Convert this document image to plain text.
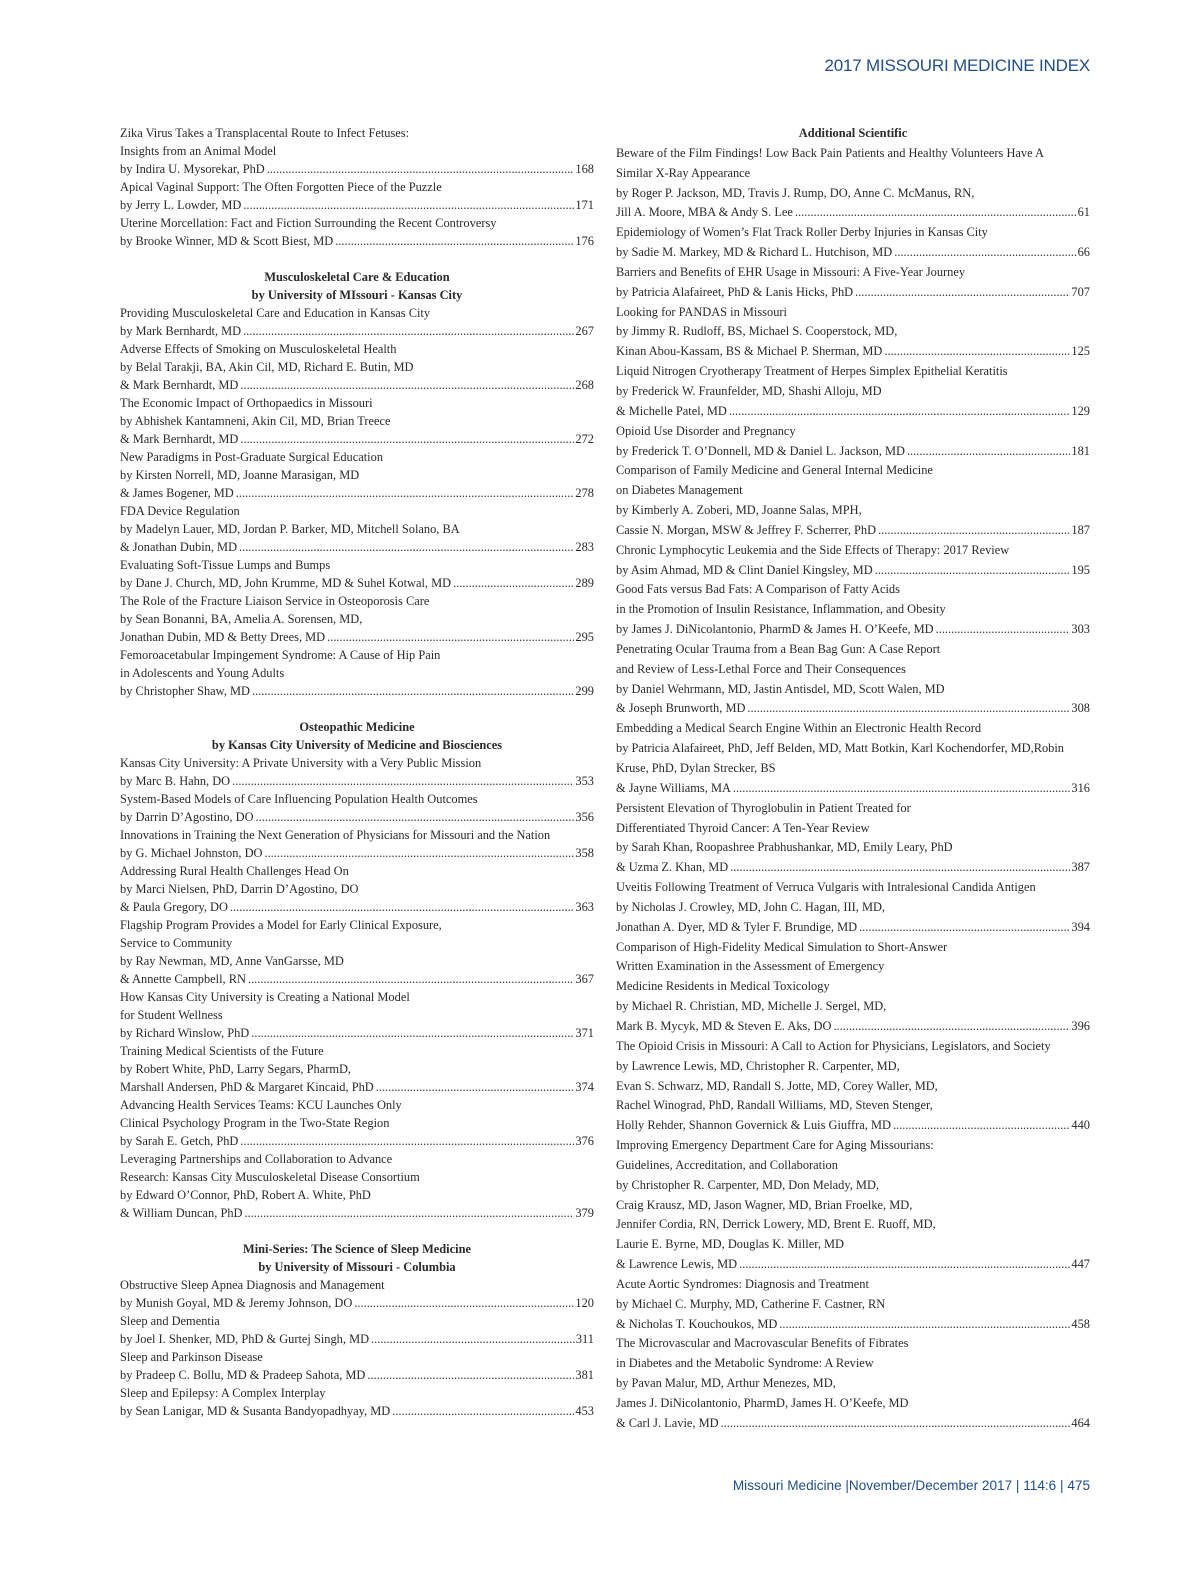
2017 MISSOURI MEDICINE INDEX
Zika Virus Takes a Transplacental Route to Infect Fetuses:
Insights from an Animal Model
by Indira U. Mysorekar, PhD .....	168
Apical Vaginal Support: The Often Forgotten Piece of the Puzzle
by Jerry L. Lowder, MD .....	171
Uterine Morcellation: Fact and Fiction Surrounding the Recent Controversy
by Brooke Winner, MD & Scott Biest, MD .....	176
Musculoskeletal Care & Education
by University of MIssouri - Kansas City
Providing Musculoskeletal Care and Education in Kansas City
by Mark Bernhardt, MD .....	267
Adverse Effects of Smoking on Musculoskeletal Health
by Belal Tarakji, BA, Akin Cil, MD, Richard E. Butin, MD
& Mark Bernhardt, MD .....	268
The Economic Impact of Orthopaedics in Missouri
by Abhishek Kantamneni, Akin Cil, MD, Brian Treece
& Mark Bernhardt, MD .....	272
New Paradigms in Post-Graduate Surgical Education
by Kirsten Norrell, MD, Joanne Marasigan, MD
& James Bogener, MD .....	278
FDA Device Regulation
by Madelyn Lauer, MD, Jordan P. Barker, MD, Mitchell Solano, BA
& Jonathan Dubin, MD .....	283
Evaluating Soft-Tissue Lumps and Bumps
by Dane J. Church, MD, John Krumme, MD & Suhel Kotwal, MD .....	289
The Role of the Fracture Liaison Service in Osteoporosis Care
by Sean Bonanni, BA, Amelia A. Sorensen, MD,
Jonathan Dubin, MD & Betty Drees, MD .....	295
Femoroacetabular Impingement Syndrome: A Cause of Hip Pain
in Adolescents and Young Adults
by Christopher Shaw, MD .....	299
Osteopathic Medicine
by Kansas City University of Medicine and Biosciences
Kansas City University: A Private University with a Very Public Mission
by Marc B. Hahn, DO .....	353
System-Based Models of Care Influencing Population Health Outcomes
by Darrin D’Agostino, DO .....	356
Innovations in Training the Next Generation of Physicians for Missouri and the Nation
by G. Michael Johnston, DO .....	358
Addressing Rural Health Challenges Head On
by Marci Nielsen, PhD, Darrin D’Agostino, DO
& Paula Gregory, DO .....	363
Flagship Program Provides a Model for Early Clinical Exposure,
Service to Community
by Ray Newman, MD, Anne VanGarsse, MD
& Annette Campbell, RN .....	367
How Kansas City University is Creating a National Model
for Student Wellness
by Richard Winslow, PhD .....	371
Training Medical Scientists of the Future
by Robert White, PhD, Larry Segars, PharmD,
Marshall Andersen, PhD & Margaret Kincaid, PhD .....	374
Advancing Health Services Teams: KCU Launches Only
Clinical Psychology Program in the Two-State Region
by Sarah E. Getch, PhD .....	376
Leveraging Partnerships and Collaboration to Advance
Research: Kansas City Musculoskeletal Disease Consortium
by Edward O’Connor, PhD, Robert A. White, PhD
& William Duncan, PhD .....	379
Mini-Series: The Science of Sleep Medicine
by University of Missouri - Columbia
Obstructive Sleep Apnea Diagnosis and Management
by Munish Goyal, MD & Jeremy Johnson, DO .....	120
Sleep and Dementia
by Joel I. Shenker, MD, PhD & Gurtej Singh, MD .....	311
Sleep and Parkinson Disease
by Pradeep C. Bollu, MD & Pradeep Sahota, MD .....	381
Sleep and Epilepsy: A Complex Interplay
by Sean Lanigar, MD & Susanta Bandyopadhyay, MD .....	453
Additional Scientific
Beware of the Film Findings! Low Back Pain Patients and Healthy Volunteers Have A
Similar X-Ray Appearance
by Roger P. Jackson, MD, Travis J. Rump, DO, Anne C. McManus, RN,
Jill A. Moore, MBA & Andy S. Lee .....	61
Epidemiology of Women’s Flat Track Roller Derby Injuries in Kansas City
by Sadie M. Markey, MD & Richard L. Hutchison, MD .....	66
Barriers and Benefits of EHR Usage in Missouri: A Five-Year Journey
by Patricia Alafaireet, PhD & Lanis Hicks, PhD .....	707
Looking for PANDAS in Missouri
by Jimmy R. Rudloff, BS, Michael S. Cooperstock, MD,
Kinan Abou-Kassam, BS & Michael P. Sherman, MD .....	125
Liquid Nitrogen Cryotherapy Treatment of Herpes Simplex Epithelial Keratitis
by Frederick W. Fraunfelder, MD, Shashi Alloju, MD
& Michelle Patel, MD .....	129
Opioid Use Disorder and Pregnancy
by Frederick T. O’Donnell, MD & Daniel L. Jackson, MD .....	181
Comparison of Family Medicine and General Internal Medicine
on Diabetes Management
by Kimberly A. Zoberi, MD, Joanne Salas, MPH,
Cassie N. Morgan, MSW & Jeffrey F. Scherrer, PhD .....	187
Chronic Lymphocytic Leukemia and the Side Effects of Therapy: 2017 Review
by Asim Ahmad, MD & Clint Daniel Kingsley, MD .....	195
Good Fats versus Bad Fats: A Comparison of Fatty Acids
in the Promotion of Insulin Resistance, Inflammation, and Obesity
by James J. DiNicolantonio, PharmD & James H. O’Keefe, MD .....	303
Penetrating Ocular Trauma from a Bean Bag Gun: A Case Report
and Review of Less-Lethal Force and Their Consequences
by Daniel Wehrmann, MD, Jastin Antisdel, MD, Scott Walen, MD
& Joseph Brunworth, MD .....	308
Embedding a Medical Search Engine Within an Electronic Health Record
by Patricia Alafaireet, PhD, Jeff Belden, MD, Matt Botkin, Karl Kochendorfer, MD,Robin
Kruse, PhD, Dylan Strecker, BS
& Jayne Williams, MA .....	316
Persistent Elevation of Thyroglobulin in Patient Treated for
Differentiated Thyroid Cancer: A Ten-Year Review
by Sarah Khan, Roopashree Prabhushankar, MD, Emily Leary, PhD
& Uzma Z. Khan, MD .....	387
Uveitis Following Treatment of Verruca Vulgaris with Intralesional Candida Antigen
by Nicholas J. Crowley, MD, John C. Hagan, III, MD,
Jonathan A. Dyer, MD & Tyler F. Brundige, MD .....	394
Comparison of High-Fidelity Medical Simulation to Short-Answer
Written Examination in the Assessment of Emergency
Medicine Residents in Medical Toxicology
by Michael R. Christian, MD, Michelle J. Sergel, MD,
Mark B. Mycyk, MD & Steven E. Aks, DO .....	396
The Opioid Crisis in Missouri: A Call to Action for Physicians, Legislators, and Society
by Lawrence Lewis, MD, Christopher R. Carpenter, MD,
Evan S. Schwarz, MD, Randall S. Jotte, MD, Corey Waller, MD,
Rachel Winograd, PhD, Randall Williams, MD, Steven Stenger,
Holly Rehder, Shannon Governick & Luis Giuffra, MD .....	440
Improving Emergency Department Care for Aging Missourians:
Guidelines, Accreditation, and Collaboration
by Christopher R. Carpenter, MD, Don Melady, MD,
Craig Krausz, MD, Jason Wagner, MD, Brian Froelke, MD,
Jennifer Cordia, RN, Derrick Lowery, MD, Brent E. Ruoff, MD,
Laurie E. Byrne, MD, Douglas K. Miller, MD
& Lawrence Lewis, MD .....	447
Acute Aortic Syndromes: Diagnosis and Treatment
by Michael C. Murphy, MD, Catherine F. Castner, RN
& Nicholas T. Kouchoukos, MD .....	458
The Microvascular and Macrovascular Benefits of Fibrates
in Diabetes and the Metabolic Syndrome: A Review
by Pavan Malur, MD, Arthur Menezes, MD,
James J. DiNicolantonio, PharmD, James H. O’Keefe, MD
& Carl J. Lavie, MD .....	464
Missouri Medicine |November/December 2017 | 114:6 | 475
